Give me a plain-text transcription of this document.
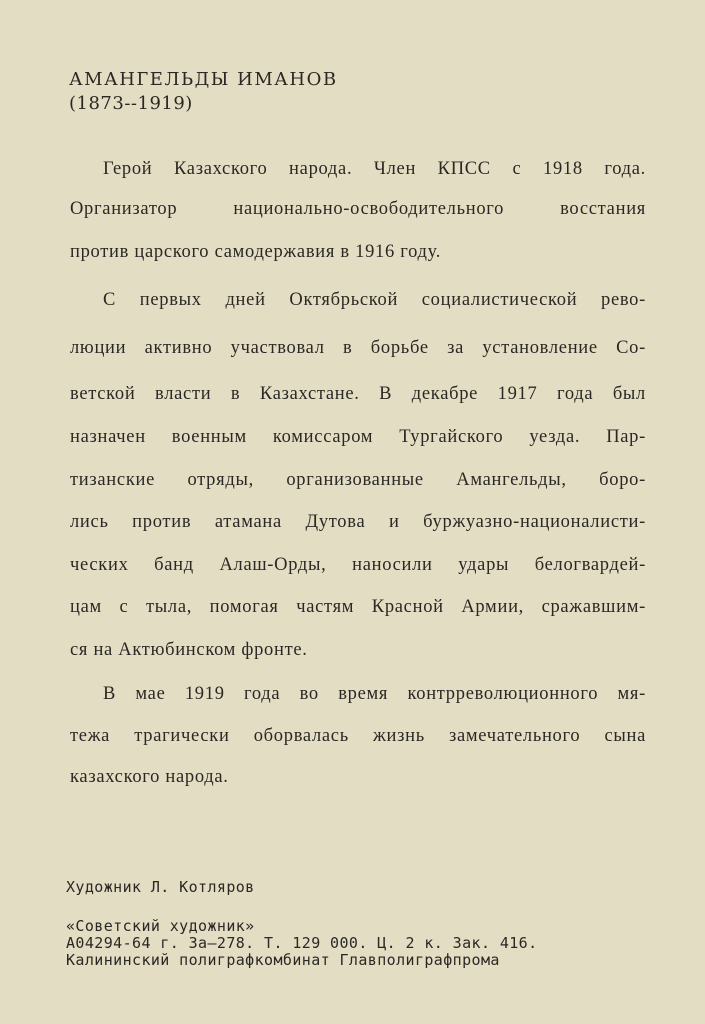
АМАНГЕЛЬДЫ ИМАНОВ
(1873--1919)
Герой Казахского народа. Член КПСС с 1918 года.
Организатор национально-освободительного восстания
против царского самодержавия в 1916 году.
С первых дней Октябрьской социалистической рево-
люции активно участвовал в борьбе за установление Со-
ветской власти в Казахстане. В декабре 1917 года был
назначен военным комиссаром Тургайского уезда. Пар-
тизанские отряды, организованные Амангельды, боро-
лись против атамана Дутова и буржуазно-националисти-
ческих банд Алаш-Орды, наносили удары белогвардей-
цам с тыла, помогая частям Красной Армии, сражавшим-
ся на Актюбинском фронте.
В мае 1919 года во время контрреволюционного мя-
тежа трагически оборвалась жизнь замечательного сына
казахского народа.
Художник Л. Котляров
«Советский художник»
А04294-64 г. 3а—278. Т. 129 000. Ц. 2 к. Зак. 416.
Калининский полиграфкомбинат Главполиграфпрома
